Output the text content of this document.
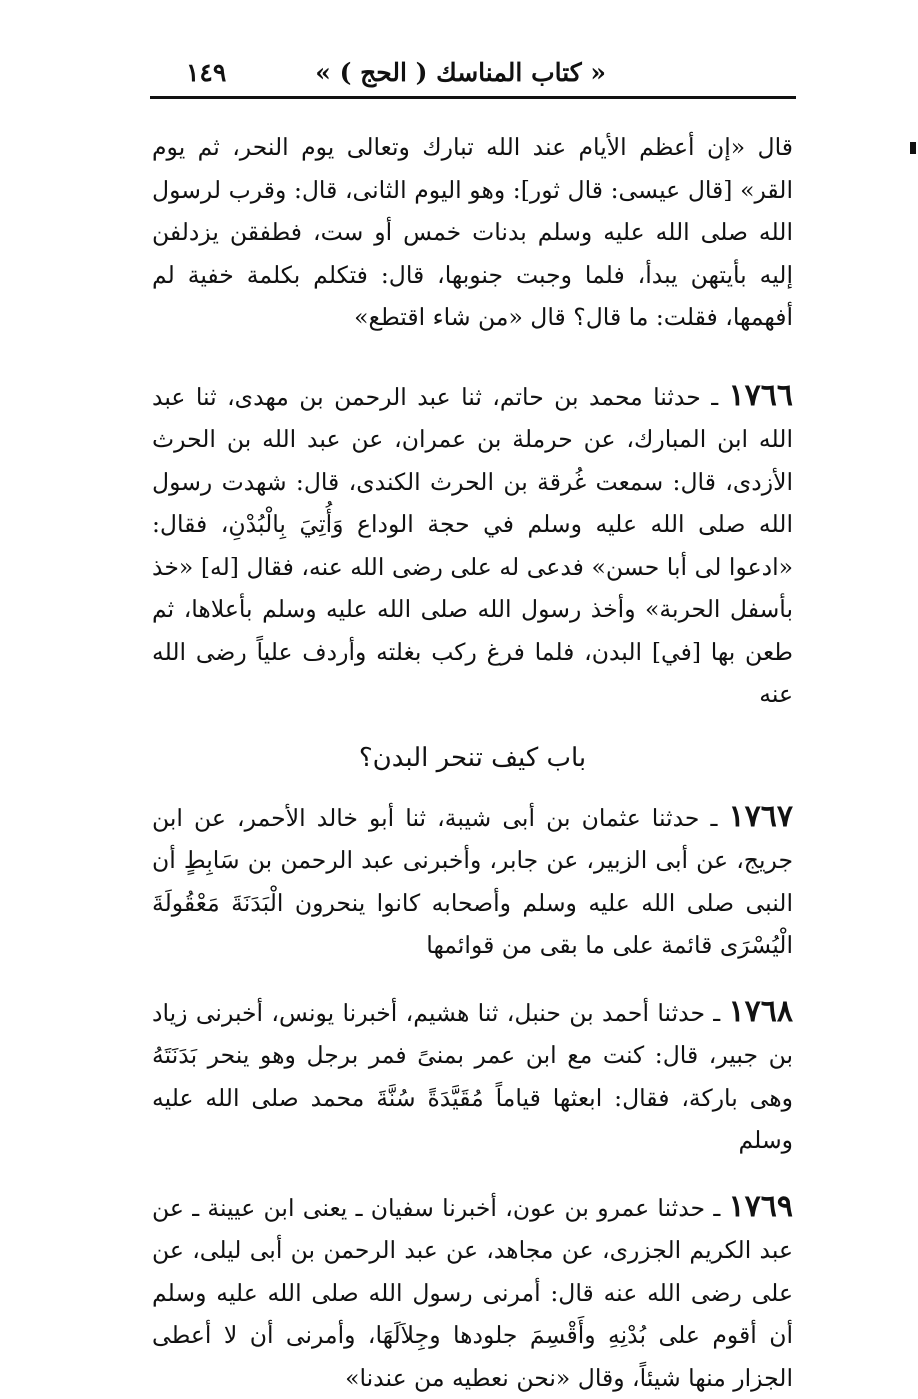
١٤٩	« كتاب المناسك ( الحج ) »

قال «إن أعظم الأيام عند الله تبارك وتعالى يوم النحر، ثم يوم القر» [قال عيسى: قال ثور]: وهو اليوم الثانى، قال: وقرب لرسول الله صلى الله عليه وسلم بدنات خمس أو ست، فطفقن يزدلفن إليه بأيتهن يبدأ، فلما وجبت جنوبها، قال: فتكلم بكلمة خفية لم أفهمها، فقلت: ما قال؟ قال «من شاء اقتطع»

١٧٦٦ ـ حدثنا محمد بن حاتم، ثنا عبد الرحمن بن مهدى، ثنا عبد الله ابن المبارك، عن حرملة بن عمران، عن عبد الله بن الحرث الأزدى، قال: سمعت غُرقة بن الحرث الكندى، قال: شهدت رسول الله صلى الله عليه وسلم في حجة الوداع وَأُتِيَ بِالْبُدْنِ، فقال: «ادعوا لى أبا حسن» فدعى له على رضى الله عنه، فقال [له] «خذ بأسفل الحربة» وأخذ رسول الله صلى الله عليه وسلم بأعلاها، ثم طعن بها [في] البدن، فلما فرغ ركب بغلته وأردف علياً رضى الله عنه

باب كيف تنحر البدن؟

١٧٦٧ ـ حدثنا عثمان بن أبى شيبة، ثنا أبو خالد الأحمر، عن ابن جريج، عن أبى الزبير، عن جابر، وأخبرنى عبد الرحمن بن سَابِطٍ أن النبى صلى الله عليه وسلم وأصحابه كانوا ينحرون الْبَدَنَةَ مَعْقُولَةَ الْيُسْرَى قائمة على ما بقى من قوائمها

١٧٦٨ ـ حدثنا أحمد بن حنبل، ثنا هشيم، أخبرنا يونس، أخبرنى زياد بن جبير، قال: كنت مع ابن عمر بمنىً فمر برجل وهو ينحر بَدَنَتَهُ وهى باركة، فقال: ابعثها قياماً مُقَيَّدَةً سُنَّةَ محمد صلى الله عليه وسلم

١٧٦٩ ـ حدثنا عمرو بن عون، أخبرنا سفيان ـ يعنى ابن عيينة ـ عن عبد الكريم الجزرى، عن مجاهد، عن عبد الرحمن بن أبى ليلى، عن على رضى الله عنه قال: أمرنى رسول الله صلى الله عليه وسلم أن أقوم على بُدْنِهِ وأَقْسِمَ جلودها وجِلاَلَهَا، وأمرنى أن لا أعطى الجزار منها شيئاً، وقال «نحن نعطيه من عندنا»
